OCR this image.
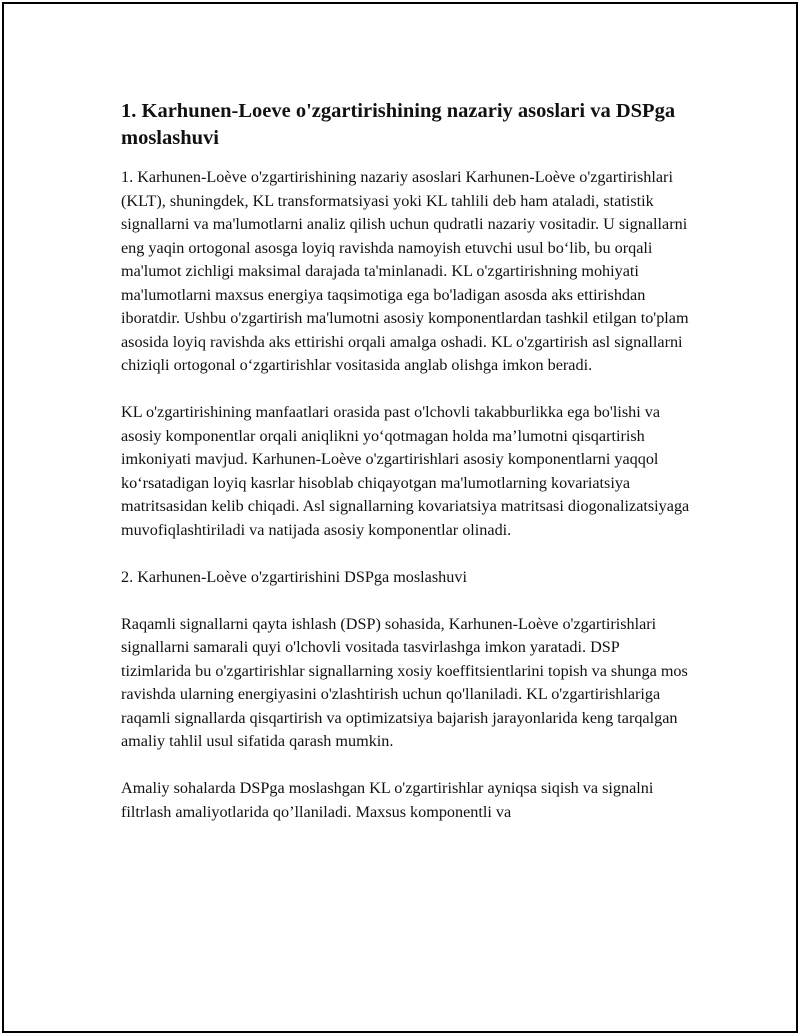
1. Karhunen-Loeve o'zgartirishining nazariy asoslari va DSPga moslashuvi

1. Karhunen-Loève o'zgartirishining nazariy asoslari Karhunen-Loève o'zgartirishlari (KLT), shuningdek, KL transformatsiyasi yoki KL tahlili deb ham ataladi, statistik signallarni va ma'lumotlarni analiz qilish uchun qudratli nazariy vositadir. U signallarni eng yaqin ortogonal asosga loyiq ravishda namoyish etuvchi usul bo‘lib, bu orqali ma'lumot zichligi maksimal darajada ta'minlanadi. KL o'zgartirishning mohiyati ma'lumotlarni maxsus energiya taqsimotiga ega bo'ladigan asosda aks ettirishdan iboratdir. Ushbu o'zgartirish ma'lumotni asosiy komponentlardan tashkil etilgan to'plam asosida loyiq ravishda aks ettirishi orqali amalga oshadi. KL o'zgartirish asl signallarni chiziqli ortogonal o‘zgartirishlar vositasida anglab olishga imkon beradi.

KL o'zgartirishining manfaatlari orasida past o'lchovli takabburlikka ega bo'lishi va asosiy komponentlar orqali aniqlikni yo‘qotmagan holda ma’lumotni qisqartirish imkoniyati mavjud. Karhunen-Loève o'zgartirishlari asosiy komponentlarni yaqqol ko‘rsatadigan loyiq kasrlar hisoblab chiqayotgan ma'lumotlarning kovariatsiya matritsasidan kelib chiqadi. Asl signallarning kovariatsiya matritsasi diogonalizatsiyaga muvofiqlashtiriladi va natijada asosiy komponentlar olinadi.

2. Karhunen-Loève o'zgartirishini DSPga moslashuvi

Raqamli signallarni qayta ishlash (DSP) sohasida, Karhunen-Loève o'zgartirishlari signallarni samarali quyi o'lchovli vositada tasvirlashga imkon yaratadi. DSP tizimlarida bu o'zgartirishlar signallarning xosiy koeffitsientlarini topish va shunga mos ravishda ularning energiyasini o'zlashtirish uchun qo'llaniladi. KL o'zgartirishlariga raqamli signallarda qisqartirish va optimizatsiya bajarish jarayonlarida keng tarqalgan amaliy tahlil usul sifatida qarash mumkin.

Amaliy sohalarda DSPga moslashgan KL o'zgartirishlar ayniqsa siqish va signalni filtrlash amaliyotlarida qo’llaniladi. Maxsus komponentli va
